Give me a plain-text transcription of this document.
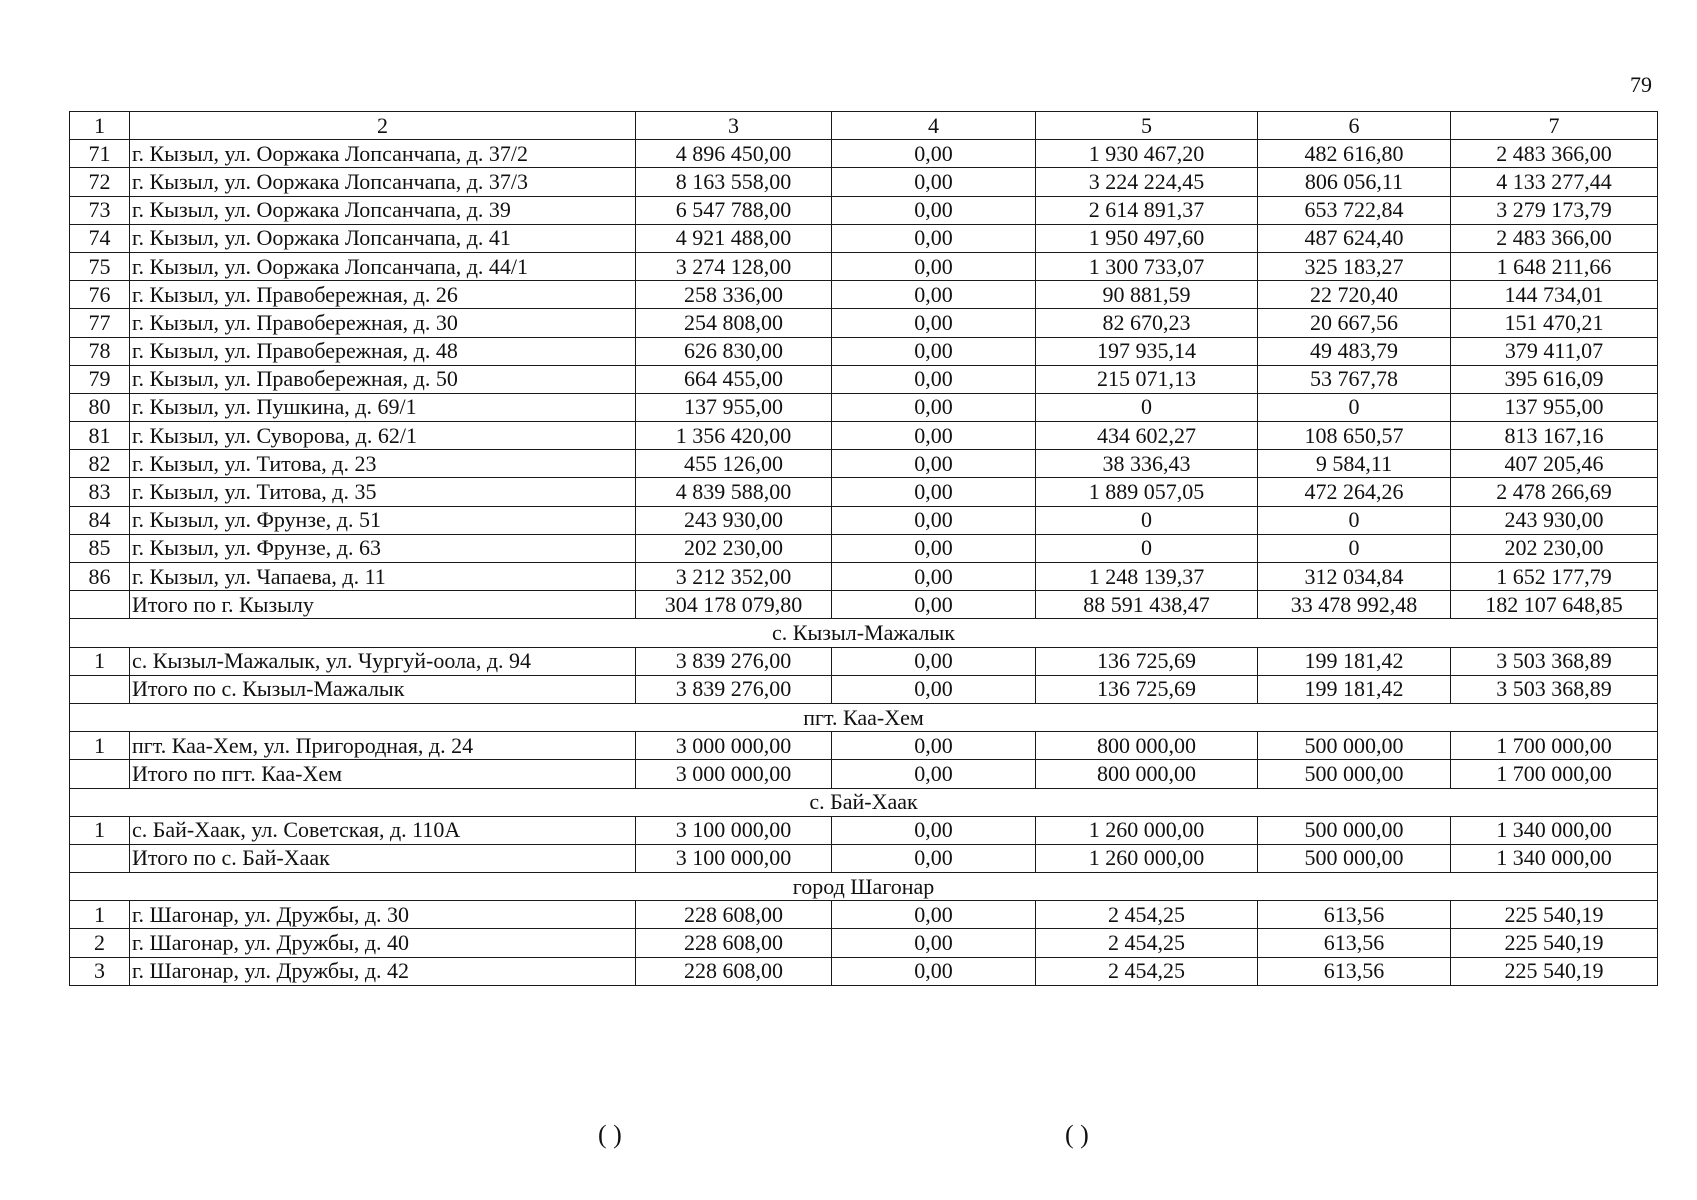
79
1	2	3	4	5	6	7
71	г. Кызыл, ул. Ооржака Лопсанчапа, д. 37/2	4 896 450,00	0,00	1 930 467,20	482 616,80	2 483 366,00
72	г. Кызыл, ул. Ооржака Лопсанчапа, д. 37/3	8 163 558,00	0,00	3 224 224,45	806 056,11	4 133 277,44
73	г. Кызыл, ул. Ооржака Лопсанчапа, д. 39	6 547 788,00	0,00	2 614 891,37	653 722,84	3 279 173,79
74	г. Кызыл, ул. Ооржака Лопсанчапа, д. 41	4 921 488,00	0,00	1 950 497,60	487 624,40	2 483 366,00
75	г. Кызыл, ул. Ооржака Лопсанчапа, д. 44/1	3 274 128,00	0,00	1 300 733,07	325 183,27	1 648 211,66
76	г. Кызыл, ул. Правобережная, д. 26	258 336,00	0,00	90 881,59	22 720,40	144 734,01
77	г. Кызыл, ул. Правобережная, д. 30	254 808,00	0,00	82 670,23	20 667,56	151 470,21
78	г. Кызыл, ул. Правобережная, д. 48	626 830,00	0,00	197 935,14	49 483,79	379 411,07
79	г. Кызыл, ул. Правобережная, д. 50	664 455,00	0,00	215 071,13	53 767,78	395 616,09
80	г. Кызыл, ул. Пушкина, д. 69/1	137 955,00	0,00	0	0	137 955,00
81	г. Кызыл, ул. Суворова, д. 62/1	1 356 420,00	0,00	434 602,27	108 650,57	813 167,16
82	г. Кызыл, ул. Титова, д. 23	455 126,00	0,00	38 336,43	9 584,11	407 205,46
83	г. Кызыл, ул. Титова, д. 35	4 839 588,00	0,00	1 889 057,05	472 264,26	2 478 266,69
84	г. Кызыл, ул. Фрунзе, д. 51	243 930,00	0,00	0	0	243 930,00
85	г. Кызыл, ул. Фрунзе, д. 63	202 230,00	0,00	0	0	202 230,00
86	г. Кызыл, ул. Чапаева, д. 11	3 212 352,00	0,00	1 248 139,37	312 034,84	1 652 177,79
	Итого по г. Кызылу	304 178 079,80	0,00	88 591 438,47	33 478 992,48	182 107 648,85
с. Кызыл-Мажалык						
1	с. Кызыл-Мажалык, ул. Чургуй-оола, д. 94	3 839 276,00	0,00	136 725,69	199 181,42	3 503 368,89
	Итого по с. Кызыл-Мажалык	3 839 276,00	0,00	136 725,69	199 181,42	3 503 368,89
пгт. Каа-Хем						
1	пгт. Каа-Хем, ул. Пригородная, д. 24	3 000 000,00	0,00	800 000,00	500 000,00	1 700 000,00
	Итого по пгт. Каа-Хем	3 000 000,00	0,00	800 000,00	500 000,00	1 700 000,00
с. Бай-Хаак						
1	с. Бай-Хаак, ул. Советская, д. 110А	3 100 000,00	0,00	1 260 000,00	500 000,00	1 340 000,00
	Итого по с. Бай-Хаак	3 100 000,00	0,00	1 260 000,00	500 000,00	1 340 000,00
город Шагонар						
1	г. Шагонар, ул. Дружбы, д. 30	228 608,00	0,00	2 454,25	613,56	225 540,19
2	г. Шагонар, ул. Дружбы, д. 40	228 608,00	0,00	2 454,25	613,56	225 540,19
3	г. Шагонар, ул. Дружбы, д. 42	228 608,00	0,00	2 454,25	613,56	225 540,19
( )	( )
